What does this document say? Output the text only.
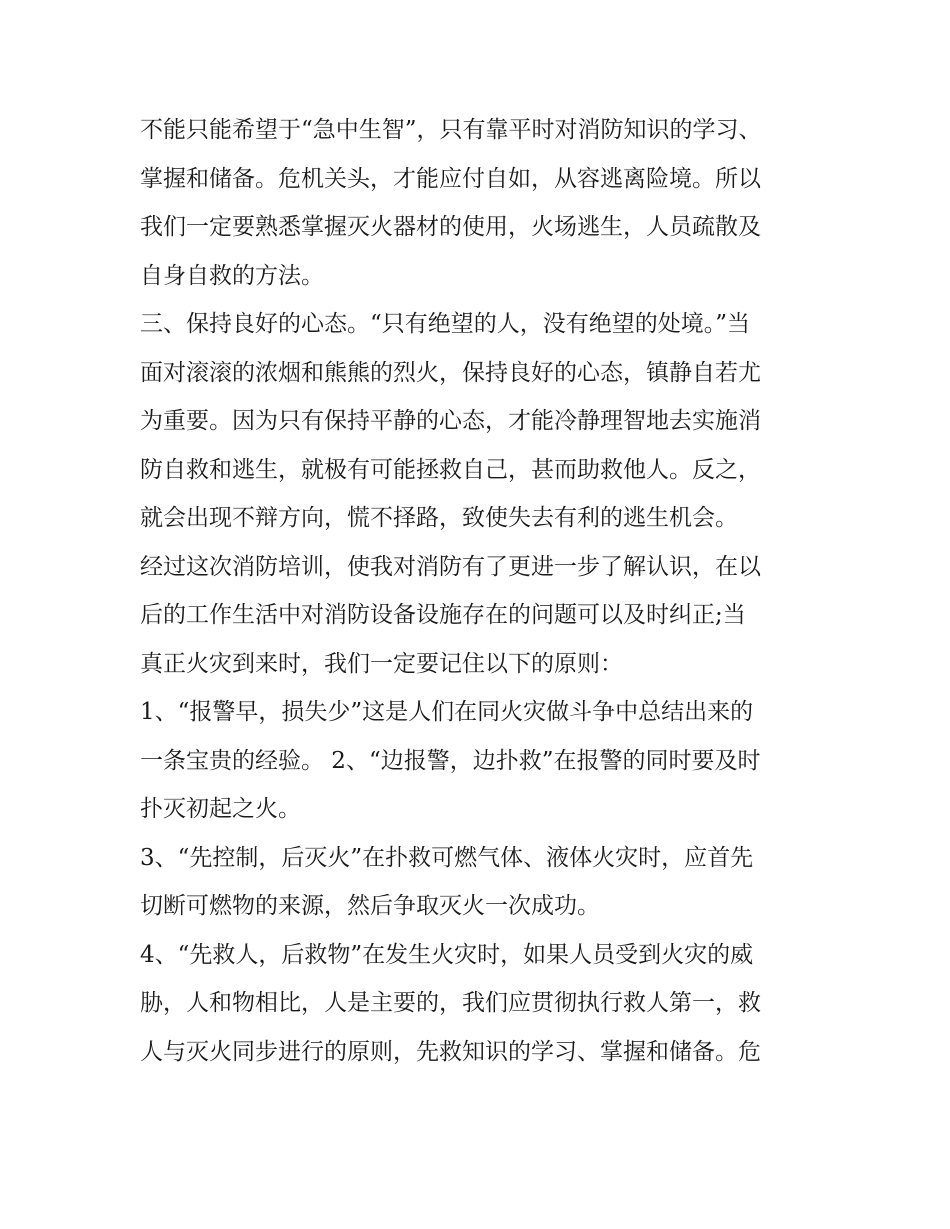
不能只能希望于“急中生智”，只有靠平时对消防知识的学习、
掌握和储备。危机关头，才能应付自如，从容逃离险境。所以
我们一定要熟悉掌握灭火器材的使用，火场逃生，人员疏散及
自身自救的方法。
三、保持良好的心态。“只有绝望的人，没有绝望的处境。”当
面对滚滚的浓烟和熊熊的烈火，保持良好的心态，镇静自若尤
为重要。因为只有保持平静的心态，才能冷静理智地去实施消
防自救和逃生，就极有可能拯救自己，甚而助救他人。反之，
就会出现不辩方向，慌不择路，致使失去有利的逃生机会。
经过这次消防培训，使我对消防有了更进一步了解认识，在以
后的工作生活中对消防设备设施存在的问题可以及时纠正;当
真正火灾到来时，我们一定要记住以下的原则：
1、“报警早，损失少”这是人们在同火灾做斗争中总结出来的
一条宝贵的经验。 2、“边报警，边扑救”在报警的同时要及时
扑灭初起之火。
3、“先控制，后灭火”在扑救可燃气体、液体火灾时，应首先
切断可燃物的来源，然后争取灭火一次成功。
4、“先救人，后救物”在发生火灾时，如果人员受到火灾的威
胁，人和物相比，人是主要的，我们应贯彻执行救人第一，救
人与灭火同步进行的原则，先救知识的学习、掌握和储备。危
